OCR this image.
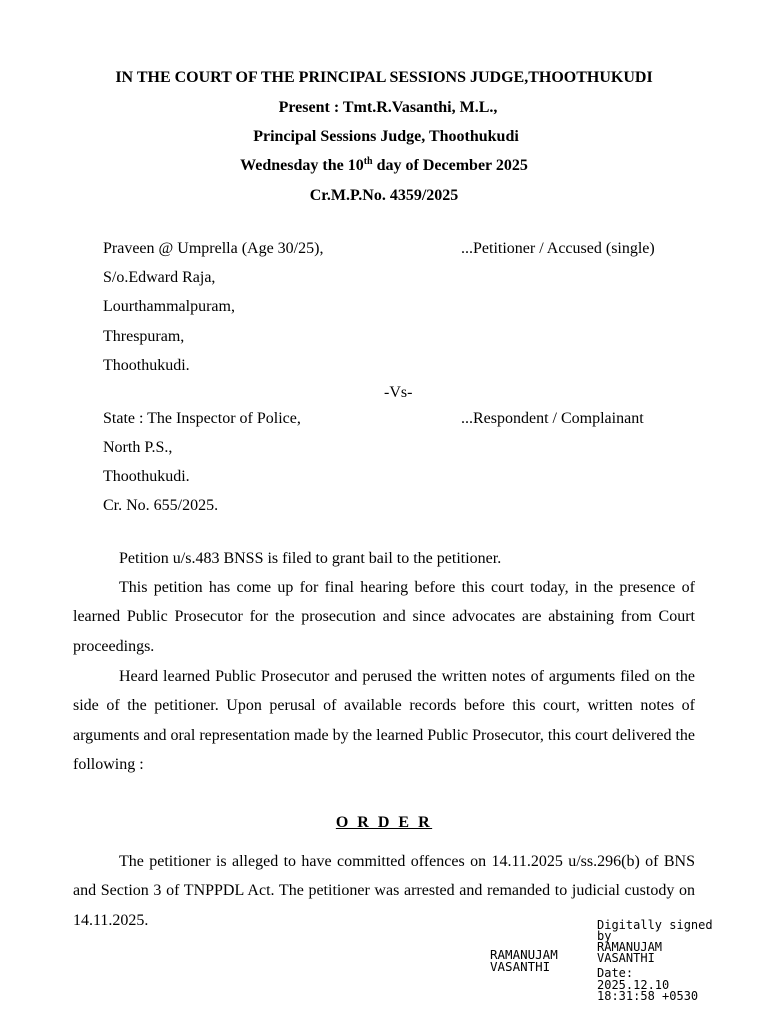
IN THE COURT OF THE PRINCIPAL SESSIONS JUDGE,THOOTHUKUDI
Present : Tmt.R.Vasanthi, M.L.,
Principal Sessions Judge, Thoothukudi
Wednesday the 10th day of December 2025
Cr.M.P.No. 4359/2025
Praveen @ Umprella (Age 30/25),
S/o.Edward Raja,
Lourthammalpuram,
Threspuram,
Thoothukudi.
...Petitioner / Accused (single)
-Vs-
State : The Inspector of Police,
North P.S.,
Thoothukudi.
Cr. No. 655/2025.
...Respondent / Complainant
Petition u/s.483 BNSS is filed to grant bail to the petitioner.
This petition has come up for final hearing before this court today, in the presence of learned Public Prosecutor for the prosecution and since advocates are abstaining from Court proceedings.
Heard learned Public Prosecutor and perused the written notes of arguments filed on the side of the petitioner. Upon perusal of available records before this court, written notes of arguments and oral representation made by the learned Public Prosecutor, this court delivered the following :
O R D E R
The petitioner is alleged to have committed offences on 14.11.2025 u/ss.296(b) of BNS and Section 3 of TNPPDL Act. The petitioner was arrested and remanded to judicial custody on 14.11.2025.
RAMANUJAM
VASANTHI
Digitally signed
by
RAMANUJAM
VASANTHI
Date:
2025.12.10
18:31:58 +0530
